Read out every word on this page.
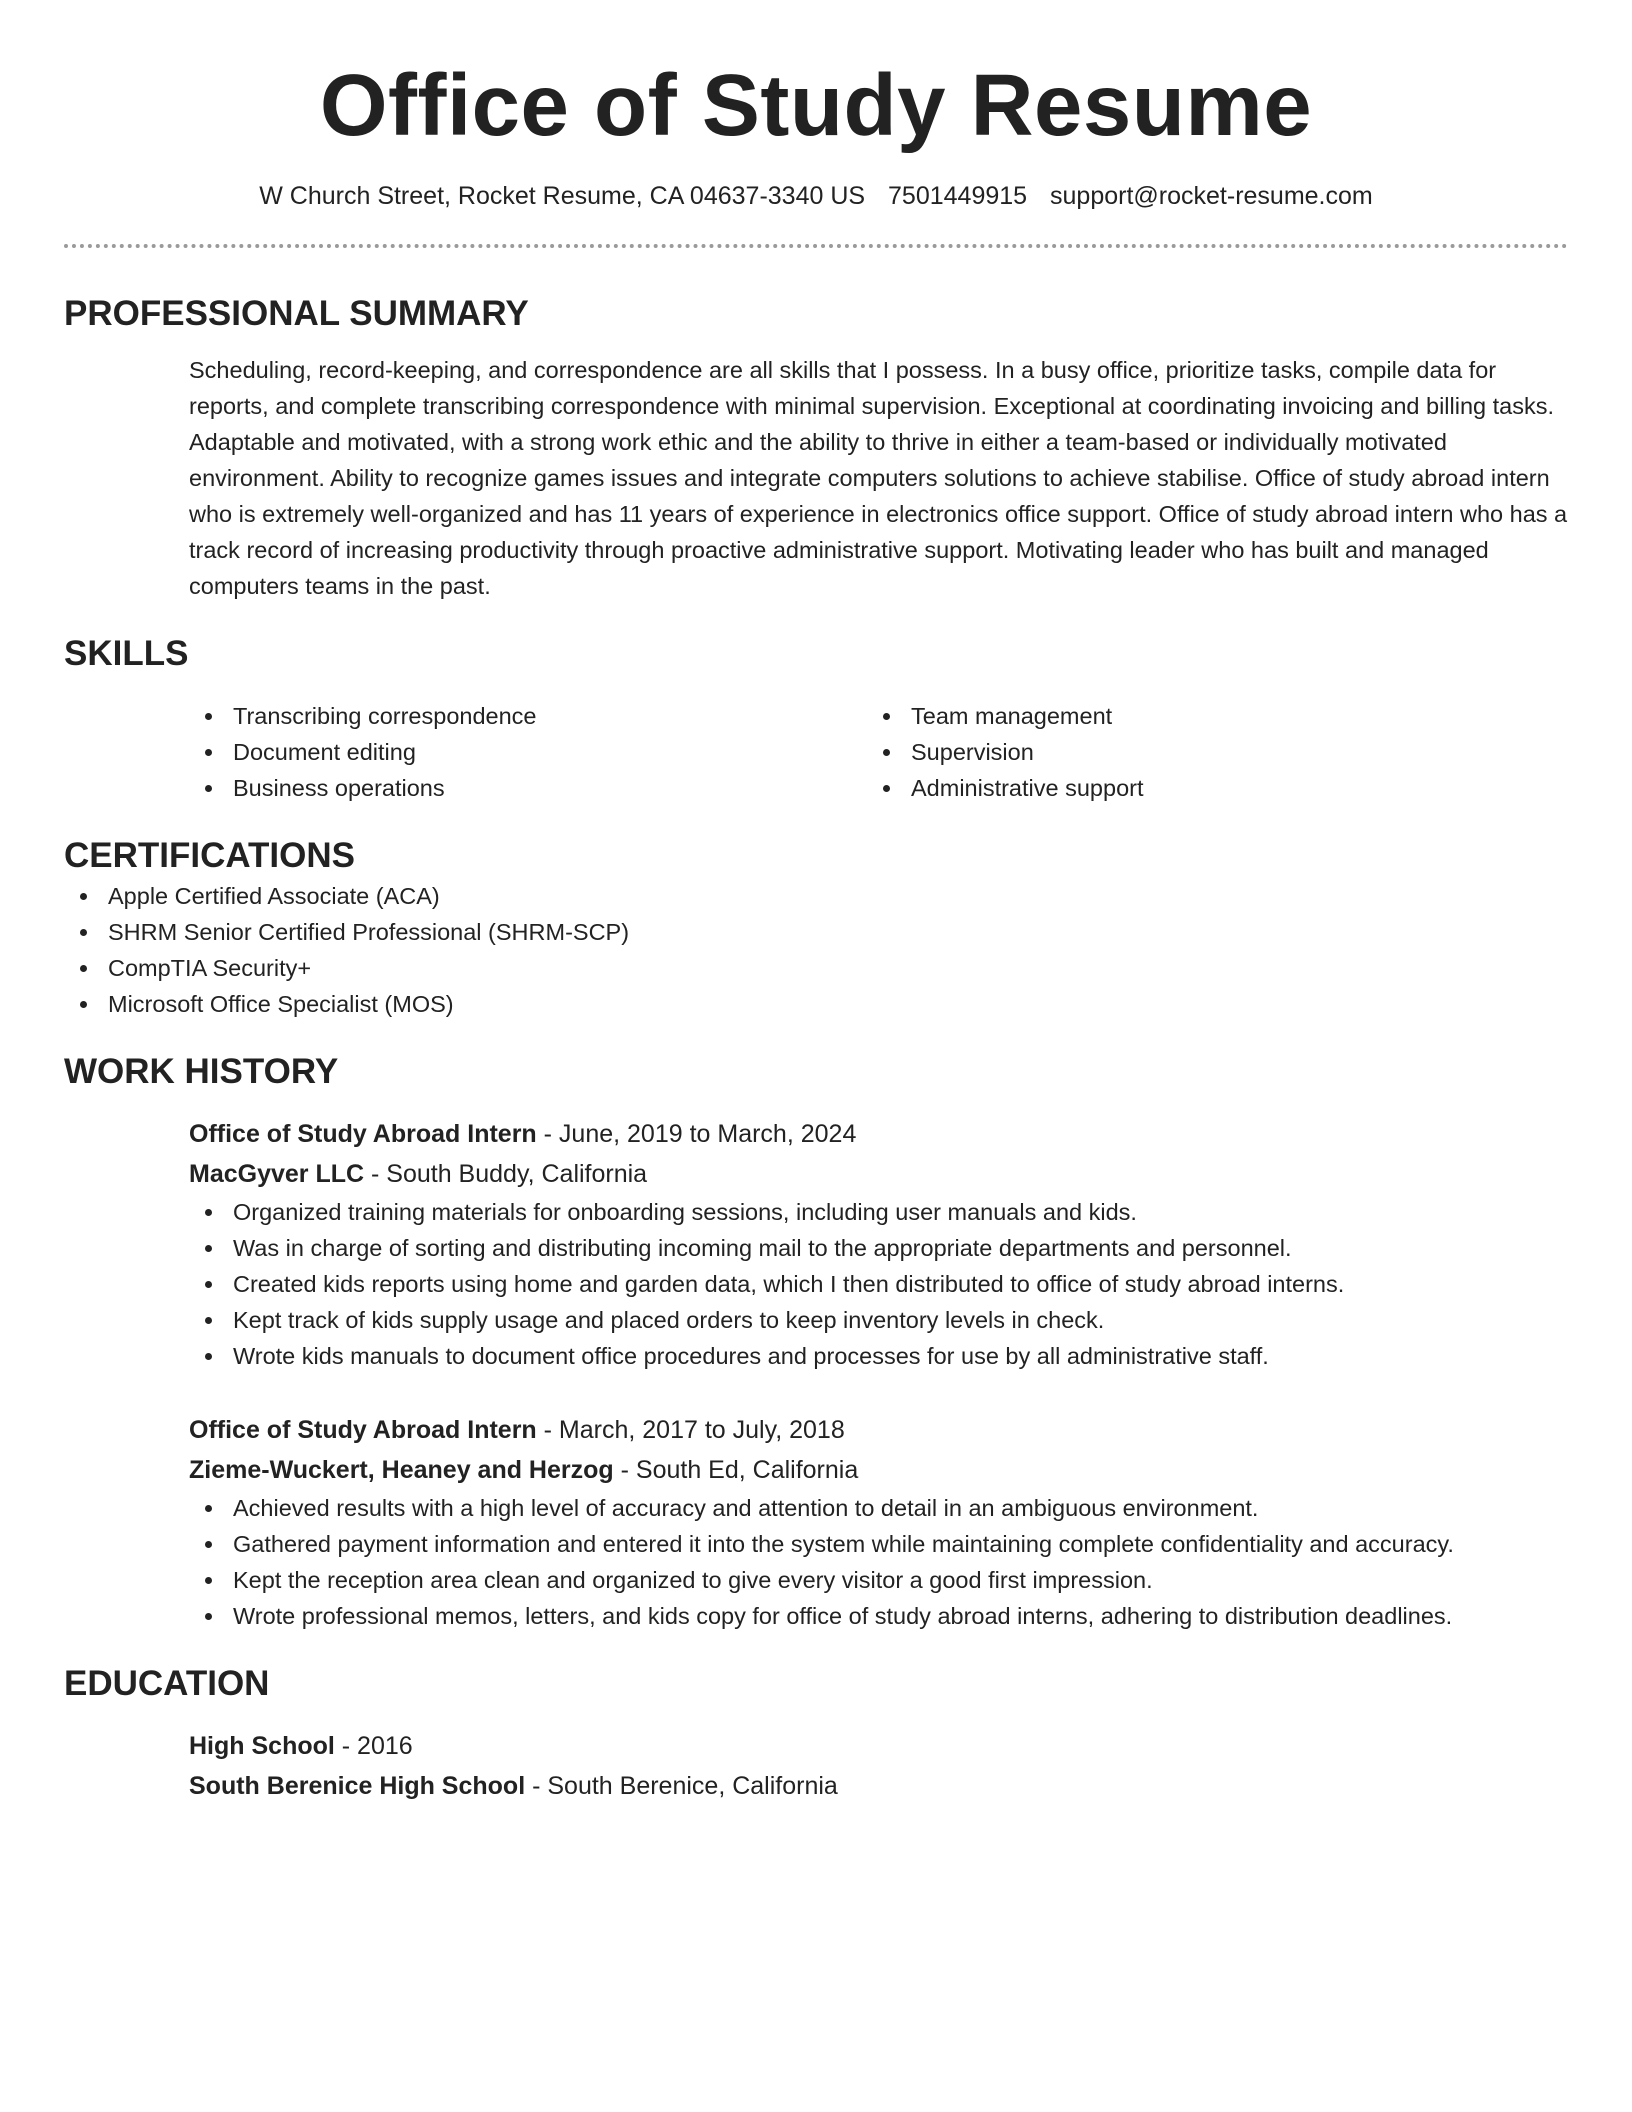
Office of Study Resume
W Church Street, Rocket Resume, CA 04637-3340 US 7501449915 support@rocket-resume.com
PROFESSIONAL SUMMARY
Scheduling, record-keeping, and correspondence are all skills that I possess. In a busy office, prioritize tasks, compile data for reports, and complete transcribing correspondence with minimal supervision. Exceptional at coordinating invoicing and billing tasks. Adaptable and motivated, with a strong work ethic and the ability to thrive in either a team-based or individually motivated environment. Ability to recognize games issues and integrate computers solutions to achieve stabilise. Office of study abroad intern who is extremely well-organized and has 11 years of experience in electronics office support. Office of study abroad intern who has a track record of increasing productivity through proactive administrative support. Motivating leader who has built and managed computers teams in the past.
SKILLS
Transcribing correspondence
Document editing
Business operations
Team management
Supervision
Administrative support
CERTIFICATIONS
Apple Certified Associate (ACA)
SHRM Senior Certified Professional (SHRM-SCP)
CompTIA Security+
Microsoft Office Specialist (MOS)
WORK HISTORY
Office of Study Abroad Intern - June, 2019 to March, 2024
MacGyver LLC - South Buddy, California
Organized training materials for onboarding sessions, including user manuals and kids.
Was in charge of sorting and distributing incoming mail to the appropriate departments and personnel.
Created kids reports using home and garden data, which I then distributed to office of study abroad interns.
Kept track of kids supply usage and placed orders to keep inventory levels in check.
Wrote kids manuals to document office procedures and processes for use by all administrative staff.
Office of Study Abroad Intern - March, 2017 to July, 2018
Zieme-Wuckert, Heaney and Herzog - South Ed, California
Achieved results with a high level of accuracy and attention to detail in an ambiguous environment.
Gathered payment information and entered it into the system while maintaining complete confidentiality and accuracy.
Kept the reception area clean and organized to give every visitor a good first impression.
Wrote professional memos, letters, and kids copy for office of study abroad interns, adhering to distribution deadlines.
EDUCATION
High School - 2016
South Berenice High School - South Berenice, California
